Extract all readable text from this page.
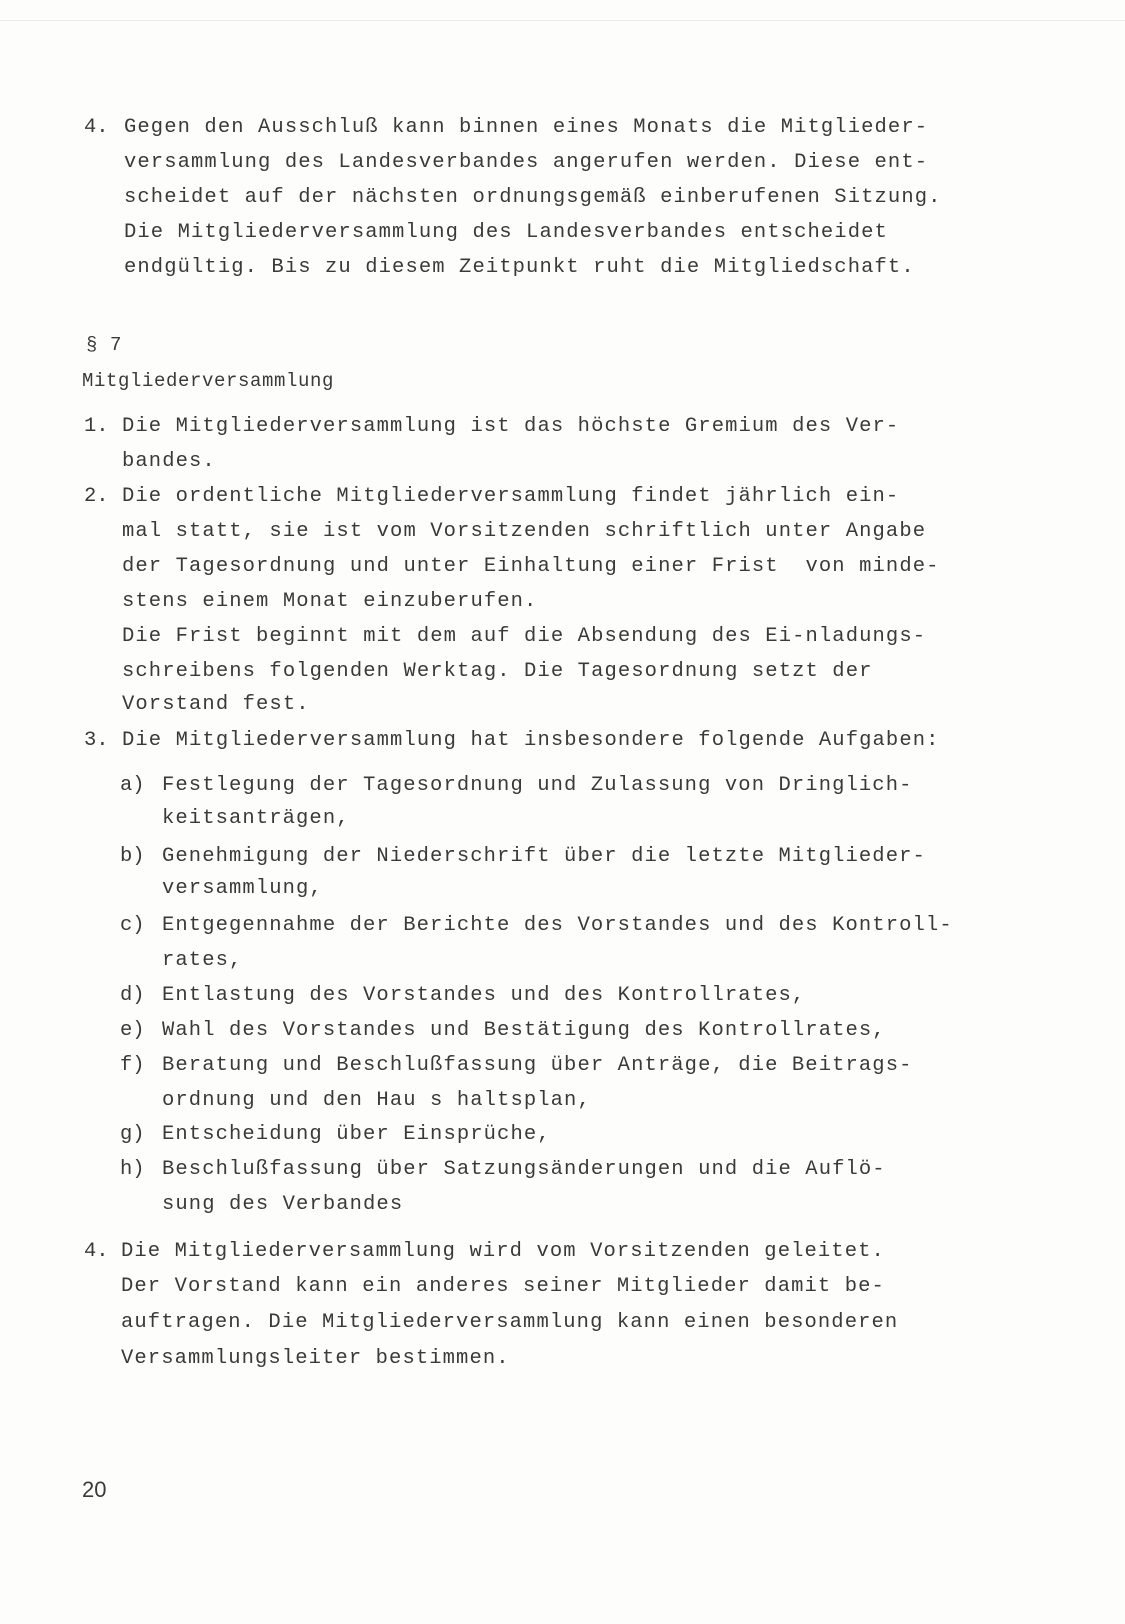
4. Gegen den Ausschluß kann binnen eines Monats die Mitglieder-
versammlung des Landesverbandes angerufen werden. Diese ent-
scheidet auf der nächsten ordnungsgemäß einberufenen Sitzung.
Die Mitgliederversammlung des Landesverbandes entscheidet
endgültig. Bis zu diesem Zeitpunkt ruht die Mitgliedschaft.
§ 7
Mitgliederversammlung
1. Die Mitgliederversammlung ist das höchste Gremium des Ver-
bandes.
2. Die ordentliche Mitgliederversammlung findet jährlich ein-
mal statt, sie ist vom Vorsitzenden schriftlich unter Angabe
der Tagesordnung und unter Einhaltung einer Frist  von minde-
stens einem Monat einzuberufen.
Die Frist beginnt mit dem auf die Absendung des Ei-nladungs-
schreibens folgenden Werktag. Die Tagesordnung setzt der
Vorstand fest.
3. Die Mitgliederversammlung hat insbesondere folgende Aufgaben:
a) Festlegung der Tagesordnung und Zulassung von Dringlich-
keitsanträgen,
b) Genehmigung der Niederschrift über die letzte Mitglieder-
versammlung,
c) Entgegennahme der Berichte des Vorstandes und des Kontroll-
rates,
d) Entlastung des Vorstandes und des Kontrollrates,
e) Wahl des Vorstandes und Bestätigung des Kontrollrates,
f) Beratung und Beschlußfassung über Anträge, die Beitrags-
ordnung und den Hau s haltsplan,
g) Entscheidung über Einsprüche,
h) Beschlußfassung über Satzungsänderungen und die Auflö-
sung des Verbandes
4. Die Mitgliederversammlung wird vom Vorsitzenden geleitet.
Der Vorstand kann ein anderes seiner Mitglieder damit be-
auftragen. Die Mitgliederversammlung kann einen besonderen
Versammlungsleiter bestimmen.
20
